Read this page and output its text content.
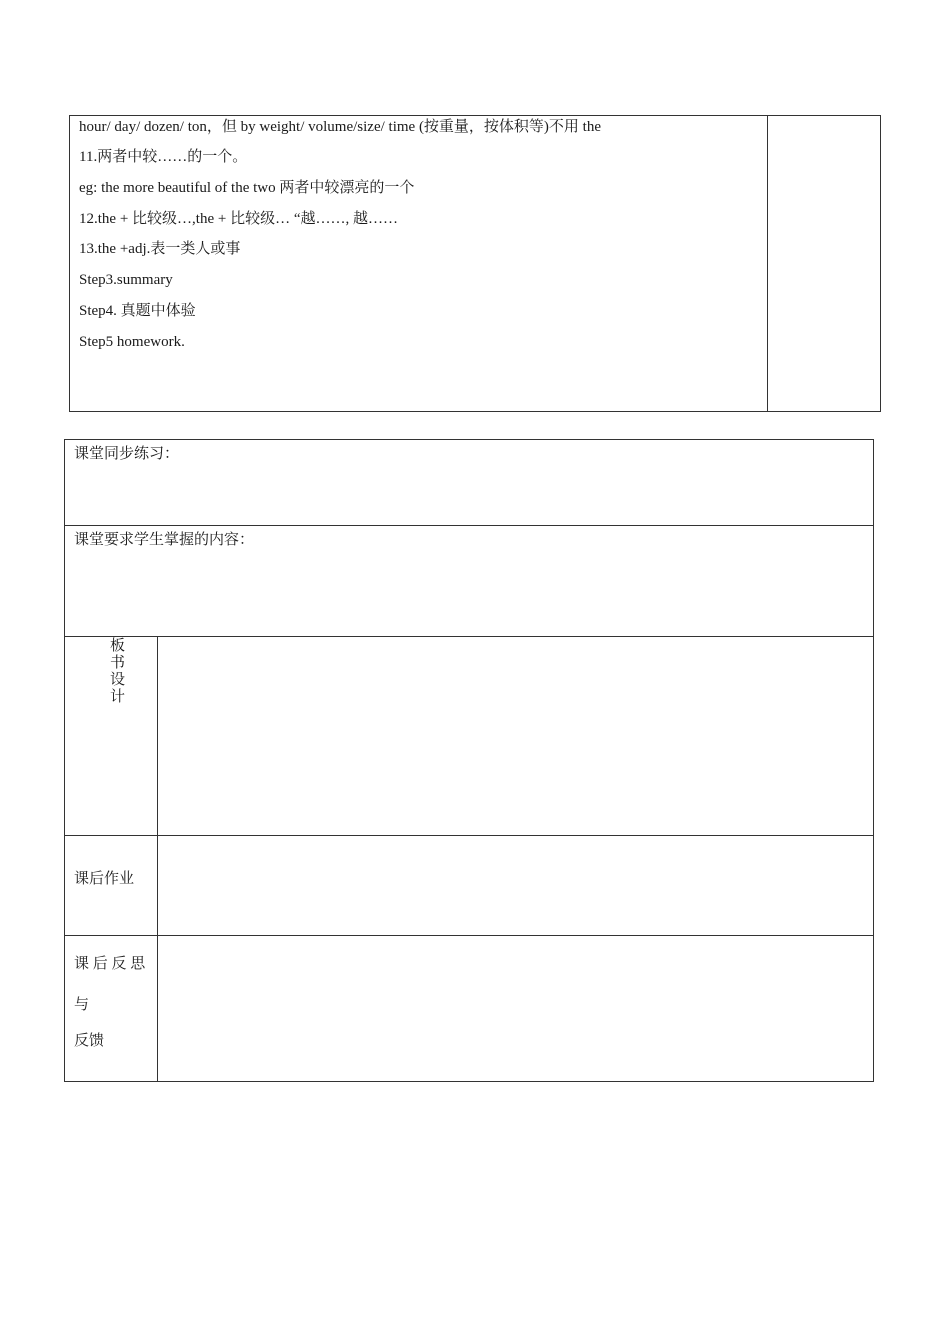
hour/ day/ dozen/ ton，但 by weight/ volume/size/ time (按重量，按体积等)不用 the
11.两者中较……的一个。
eg: the more beautiful of the two 两者中较漂亮的一个
12.the + 比较级…,the + 比较级… “越……, 越……
13.the +adj.表一类人或事
Step3.summary
Step4. 真题中体验
Step5 homework.
课堂同步练习：
课堂要求学生掌握的内容：
板
书
设
计
课后作业
课 后 反 思
与
反馈
